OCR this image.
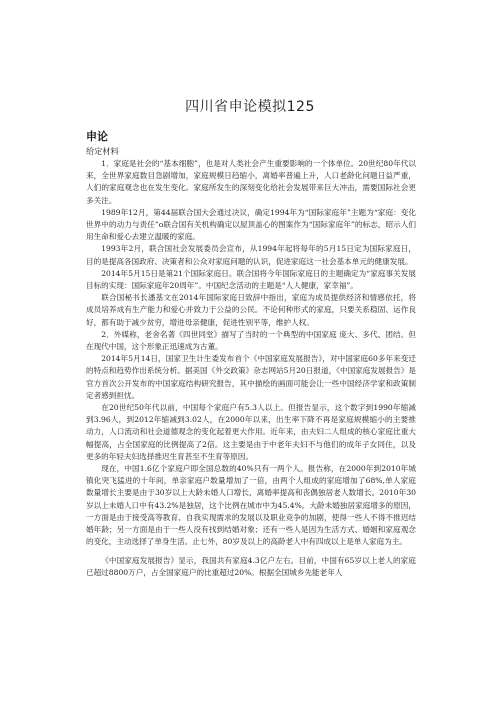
四川省申论模拟125
申论
给定材料

1．家庭是社会的“基本细胞”，也是对人类社会产生重要影响的一个体单位。20世纪80年代以来，全世界家庭数目急剧增加，家庭规模日趋缩小，离婚率普遍上升，人口老龄化问题日益严重，人们的家庭观念也在发生变化。家庭所发生的深刻变化给社会发展带来巨大冲击，需要国际社会更多关注。

1989年12月，第44届联合国大会通过决议，确定1994年为“国际家庭年”主题为“家庭：变化世界中的动力与责任”o联合国有关机构确定以屋顶盖心的图案作为“国际家庭年”的标志，昭示人们用生命和爱心去建立温暖的家庭。

1993年2月，联合国社会发展委员会宣布，从1994年起将每年的5月15日定为国际家庭日，目的是提高各国政府、决策者和公众对家庭问题的认识，促进家庭这一社会基本单元的健康发展。

2014年5月15日是第21个国际家庭日。联合国将今年国际家庭日的主题确定为“家庭事关发展目标的实现：国际家庭年20周年”。中国纪念活动的主题是“人人健康，家幸福”。

联合国秘书长潘基文在2014年国际家庭日致辞中指出，家庭为成员提供经济和情感依托，将成员培养成有生产能力和爱心并致力于公益的公民。不论何种形式的家庭，只要关系稳固、运作良好，都有助于减少贫穷，增进母亲健康，促进性别平等，维护人权。

2．外媒称，老舍名著《四世同堂》描写了当时的一个典型的中国家庭 庞大、多代、团结。但在现代中国，这个形象正迅速成为古董。

2014年5月14日，国家卫生计生委发布首个《中国家庭发展报告》，对中国家庭60多年来变迁的特点和趋势作出系统分析。据美国《外交政策》杂志网站5月20日报道，《中国家庭发展报告》是官方首次公开发布的中国家庭结构研究报告，其中描绘的画面可能会让一些中国经济学家和政策制定者感到担忧。

在20世纪50年代以前，中国每个家庭户有5.3人以上。但报告显示，这个数字到1990年缩减到3.96人，到2012年缩减到3.02人，在2000年以来，出生率下降不再是家庭规模缩小的主要推动力，人口流动和社会道德观念的变化起着更大作用。近年来，由夫妇二人组成的核心家庭比重大幅提高，占全国家庭的比例提高了2倍。这主要是由于中老年夫妇不与他们的成年子女同住，以及更多的年轻夫妇选择推迟生育甚至不生育等原因。

现在，中国1.6亿个家庭户即全国总数的40%只有一两个人。报告称，在2000年到2010年城镇化突飞猛进的十年间，单亲家庭户数量增加了一倍，由两个人组成的家庭增加了68%,单人家庭数量增长主要是由于30岁以上大龄未婚人口增长、离婚率提高和丧偶独居老人数增长。2010年30岁以上未婚人口中有43.2%是独居，这个比例在城市中为45.4%。大龄未婚独居家庭增多的原因，一方面是由于接受高等教育、自我实现需求的发展以及职业竞争的加剧，使得一些人不得不推迟结婚年龄；另一方面是由于一些人没有找到结婚对象；还有一些人是因为生活方式、婚姻和家庭观念的变化，主动选择了单身生活。止七外，80岁及以上的高龄老人中有四成以上是单人家庭为主。

《中国家庭发展报告》显示，我国共有家庭4.3亿户左右。目前，中国有65岁以上老人的家庭已超过8800万户，占全国家庭户的比重超过20%。根据全国城乡先能老年人
